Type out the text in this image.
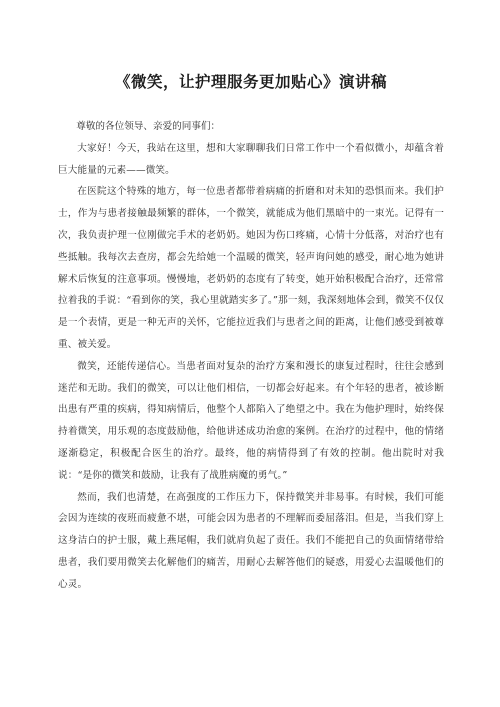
《微笑，让护理服务更加贴心》演讲稿

尊敬的各位领导、亲爱的同事们：

大家好！今天，我站在这里，想和大家聊聊我们日常工作中一个看似微小，却蕴含着巨大能量的元素——微笑。

在医院这个特殊的地方，每一位患者都带着病痛的折磨和对未知的恐惧而来。我们护士，作为与患者接触最频繁的群体，一个微笑，就能成为他们黑暗中的一束光。记得有一次，我负责护理一位刚做完手术的老奶奶。她因为伤口疼痛，心情十分低落，对治疗也有些抵触。我每次去查房，都会先给她一个温暖的微笑，轻声询问她的感受，耐心地为她讲解术后恢复的注意事项。慢慢地，老奶奶的态度有了转变，她开始积极配合治疗，还常常拉着我的手说：“看到你的笑，我心里就踏实多了。”那一刻，我深刻地体会到，微笑不仅仅是一个表情，更是一种无声的关怀，它能拉近我们与患者之间的距离，让他们感受到被尊重、被关爱。

微笑，还能传递信心。当患者面对复杂的治疗方案和漫长的康复过程时，往往会感到迷茫和无助。我们的微笑，可以让他们相信，一切都会好起来。有个年轻的患者，被诊断出患有严重的疾病，得知病情后，他整个人都陷入了绝望之中。我在为他护理时，始终保持着微笑，用乐观的态度鼓励他，给他讲述成功治愈的案例。在治疗的过程中，他的情绪逐渐稳定，积极配合医生的治疗。最终，他的病情得到了有效的控制。他出院时对我说：“是你的微笑和鼓励，让我有了战胜病魔的勇气。”

然而，我们也清楚，在高强度的工作压力下，保持微笑并非易事。有时候，我们可能会因为连续的夜班而疲惫不堪，可能会因为患者的不理解而委屈落泪。但是，当我们穿上这身洁白的护士服，戴上燕尾帽，我们就肩负起了责任。我们不能把自己的负面情绪带给患者，我们要用微笑去化解他们的痛苦，用耐心去解答他们的疑惑，用爱心去温暖他们的心灵。
